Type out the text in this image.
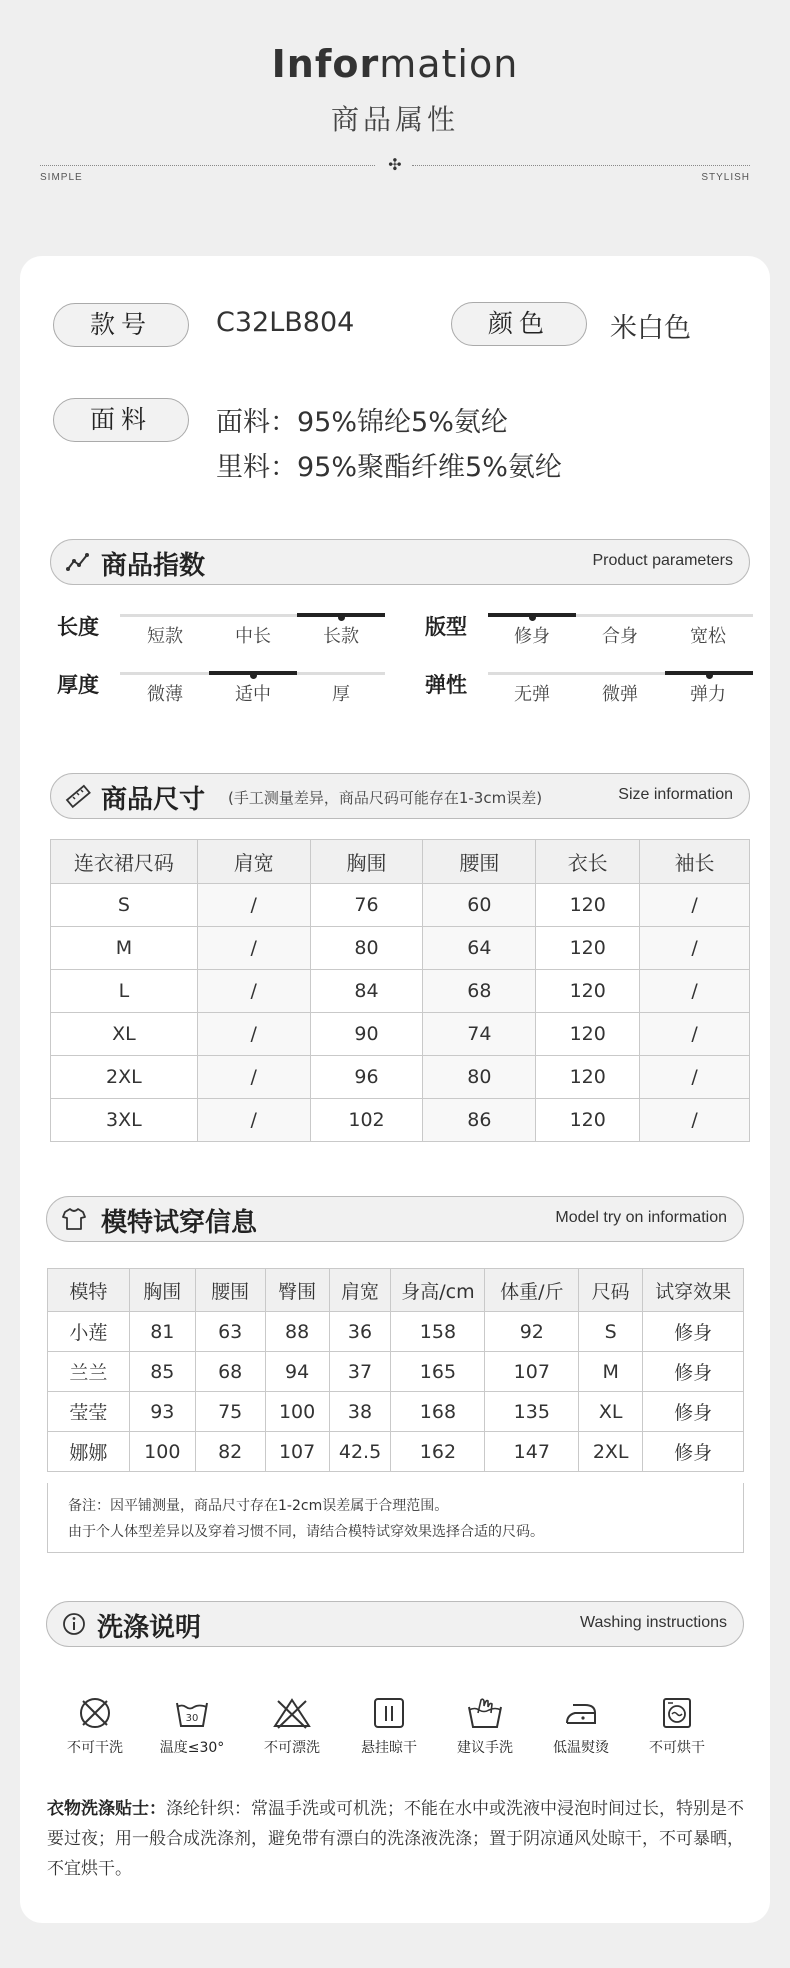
Information
商品属性
✣
SIMPLE	STYLISH
款号	C32LB804	颜色	米白色
面料	面料：95%锦纶5%氨纶
里料：95%聚酯纤维5%氨纶
商品指数	Product parameters
长度	短款	中长	长款	版型	修身	合身	宽松
厚度	微薄	适中	厚	弹性	无弹	微弹	弹力
商品尺寸 (手工测量差异，商品尺码可能存在1-3cm误差)	Size information
连衣裙尺码	肩宽	胸围	腰围	衣长	袖长
S	/	76	60	120	/
M	/	80	64	120	/
L	/	84	68	120	/
XL	/	90	74	120	/
2XL	/	96	80	120	/
3XL	/	102	86	120	/
模特试穿信息	Model try on information
模特	胸围	腰围	臀围	肩宽	身高/cm	体重/斤	尺码	试穿效果
小莲	81	63	88	36	158	92	S	修身
兰兰	85	68	94	37	165	107	M	修身
莹莹	93	75	100	38	168	135	XL	修身
娜娜	100	82	107	42.5	162	147	2XL	修身
备注：因平铺测量，商品尺寸存在1-2cm误差属于合理范围。
由于个人体型差异以及穿着习惯不同，请结合模特试穿效果选择合适的尺码。
洗涤说明	Washing instructions
不可干洗
30
温度≤30°	不可漂洗	悬挂晾干	建议手洗	低温熨烫	不可烘干
衣物洗涤贴士：涤纶针织：常温手洗或可机洗；不能在水中或洗液中浸泡时间过长，特别是不要过夜；用一般合成洗涤剂，避免带有漂白的洗涤液洗涤；置于阴凉通风处晾干，不可暴晒，不宜烘干。
